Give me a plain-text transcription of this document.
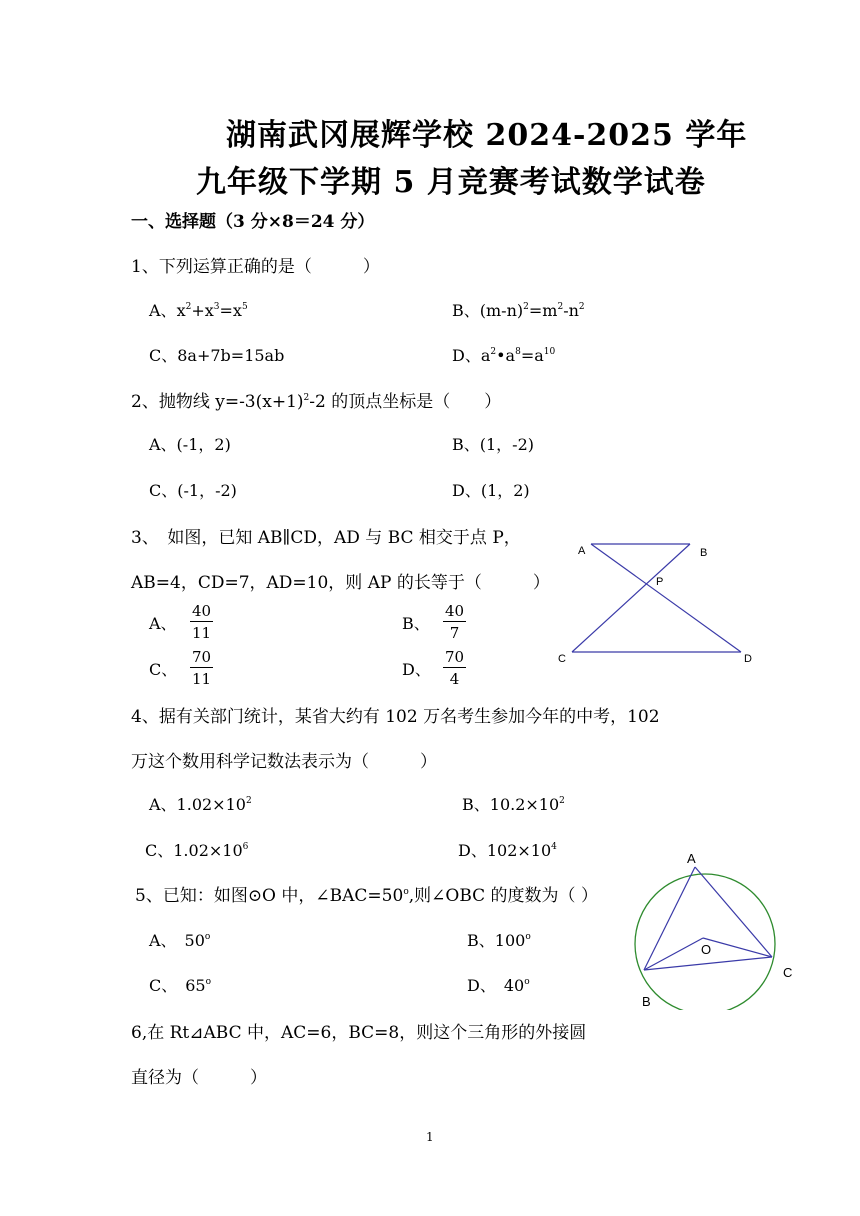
湖南武冈展辉学校 2024-2025 学年
九年级下学期 5 月竞赛考试数学试卷
一、选择题（3 分×8＝24 分）
1、下列运算正确的是（　　　）
A、$x^2+x^3=x^5$	B、$(m-n)^2=m^2-n^2$
C、8a+7b=15ab	D、$a^2•a^8=a^{10}$
2、抛物线 $y=-3(x+1)^2-2$ 的顶点坐标是（　　）
A、(-1，2)	B、(1，-2)
C、(-1，-2)	D、(1，2)
3、　如图，已知 AB∥CD，AD 与 BC 相交于点 P，
AB=4，CD=7，AD=10，则 AP 的长等于（　　　）
A、 $\frac{40}{11}$	B、 $\frac{40}{7}$
C、 $\frac{70}{11}$	D、 $\frac{70}{4}$
A	B
P
C	D
4、据有关部门统计，某省大约有 102 万名考生参加今年的中考，102
万这个数用科学记数法表示为（　　　）
A、$1.02\times 10^2$	B、$10.2\times 10^2$
C、$1.02\times 10^6$	D、$102\times 10^4$
5、已知：如图⊙O 中，$\angle BAC=50^o$,则∠OBC 的度数为（ ）
A、　50$^o$	B、100$^o$
C、　65$^o$	D、　40$^o$
A
O
B
C
6,在 Rt⊿ABC 中，AC=6，BC=8，则这个三角形的外接圆
直径为（　　　）
1
